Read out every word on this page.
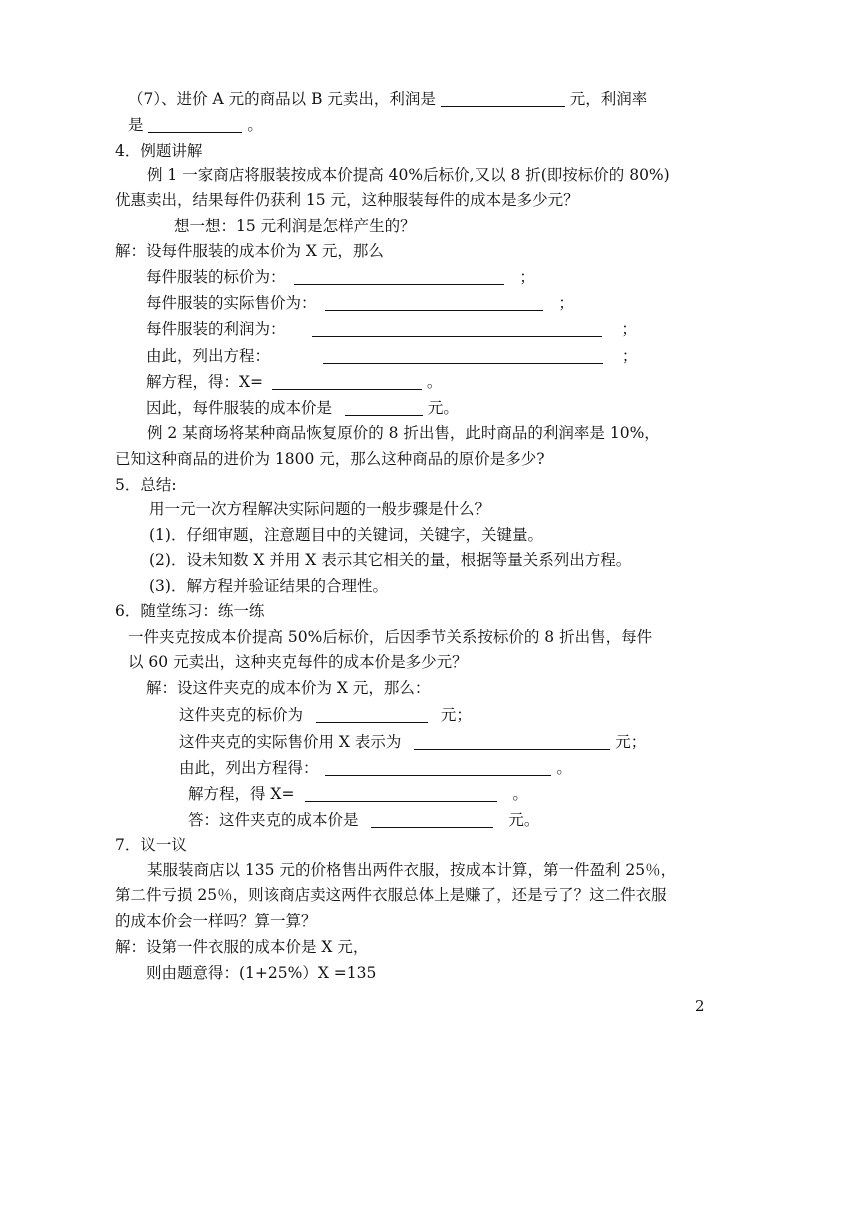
（7）、进价 A 元的商品以 B 元卖出，利润是	元，利润率
是	。
4．例题讲解
例 1 一家商店将服装按成本价提高 40%后标价,又以 8 折(即按标价的 80%)
优惠卖出，结果每件仍获利 15 元，这种服装每件的成本是多少元？
想一想：15 元利润是怎样产生的？
解：设每件服装的成本价为 X 元，那么
每件服装的标价为：	；
每件服装的实际售价为：	；
每件服装的利润为：	；
由此，列出方程：	；
解方程，得：X=	。
因此，每件服装的成本价是	元。
例 2 某商场将某种商品恢复原价的 8 折出售，此时商品的利润率是 10%，
已知这种商品的进价为 1800 元，那么这种商品的原价是多少?
5．总结:
用一元一次方程解决实际问题的一般步骤是什么？
(1)．仔细审题，注意题目中的关键词，关键字，关键量。
(2)．设未知数 X 并用 X 表示其它相关的量，根据等量关系列出方程。
(3)．解方程并验证结果的合理性。
6．随堂练习：练一练
一件夹克按成本价提高 50%后标价，后因季节关系按标价的 8 折出售，每件
以 60 元卖出，这种夹克每件的成本价是多少元？
解：设这件夹克的成本价为 X 元，那么：
这件夹克的标价为	元；
这件夹克的实际售价用 X 表示为	元；
由此，列出方程得：	。
解方程，得 X=	。
答：这件夹克的成本价是	元。
7．议一议
某服装商店以 135 元的价格售出两件衣服，按成本计算，第一件盈利 25％，
第二件亏损 25％，则该商店卖这两件衣服总体上是赚了，还是亏了？这二件衣服
的成本价会一样吗？算一算？
解：设第一件衣服的成本价是 X 元，
则由题意得：(1+25%）X =135
2
